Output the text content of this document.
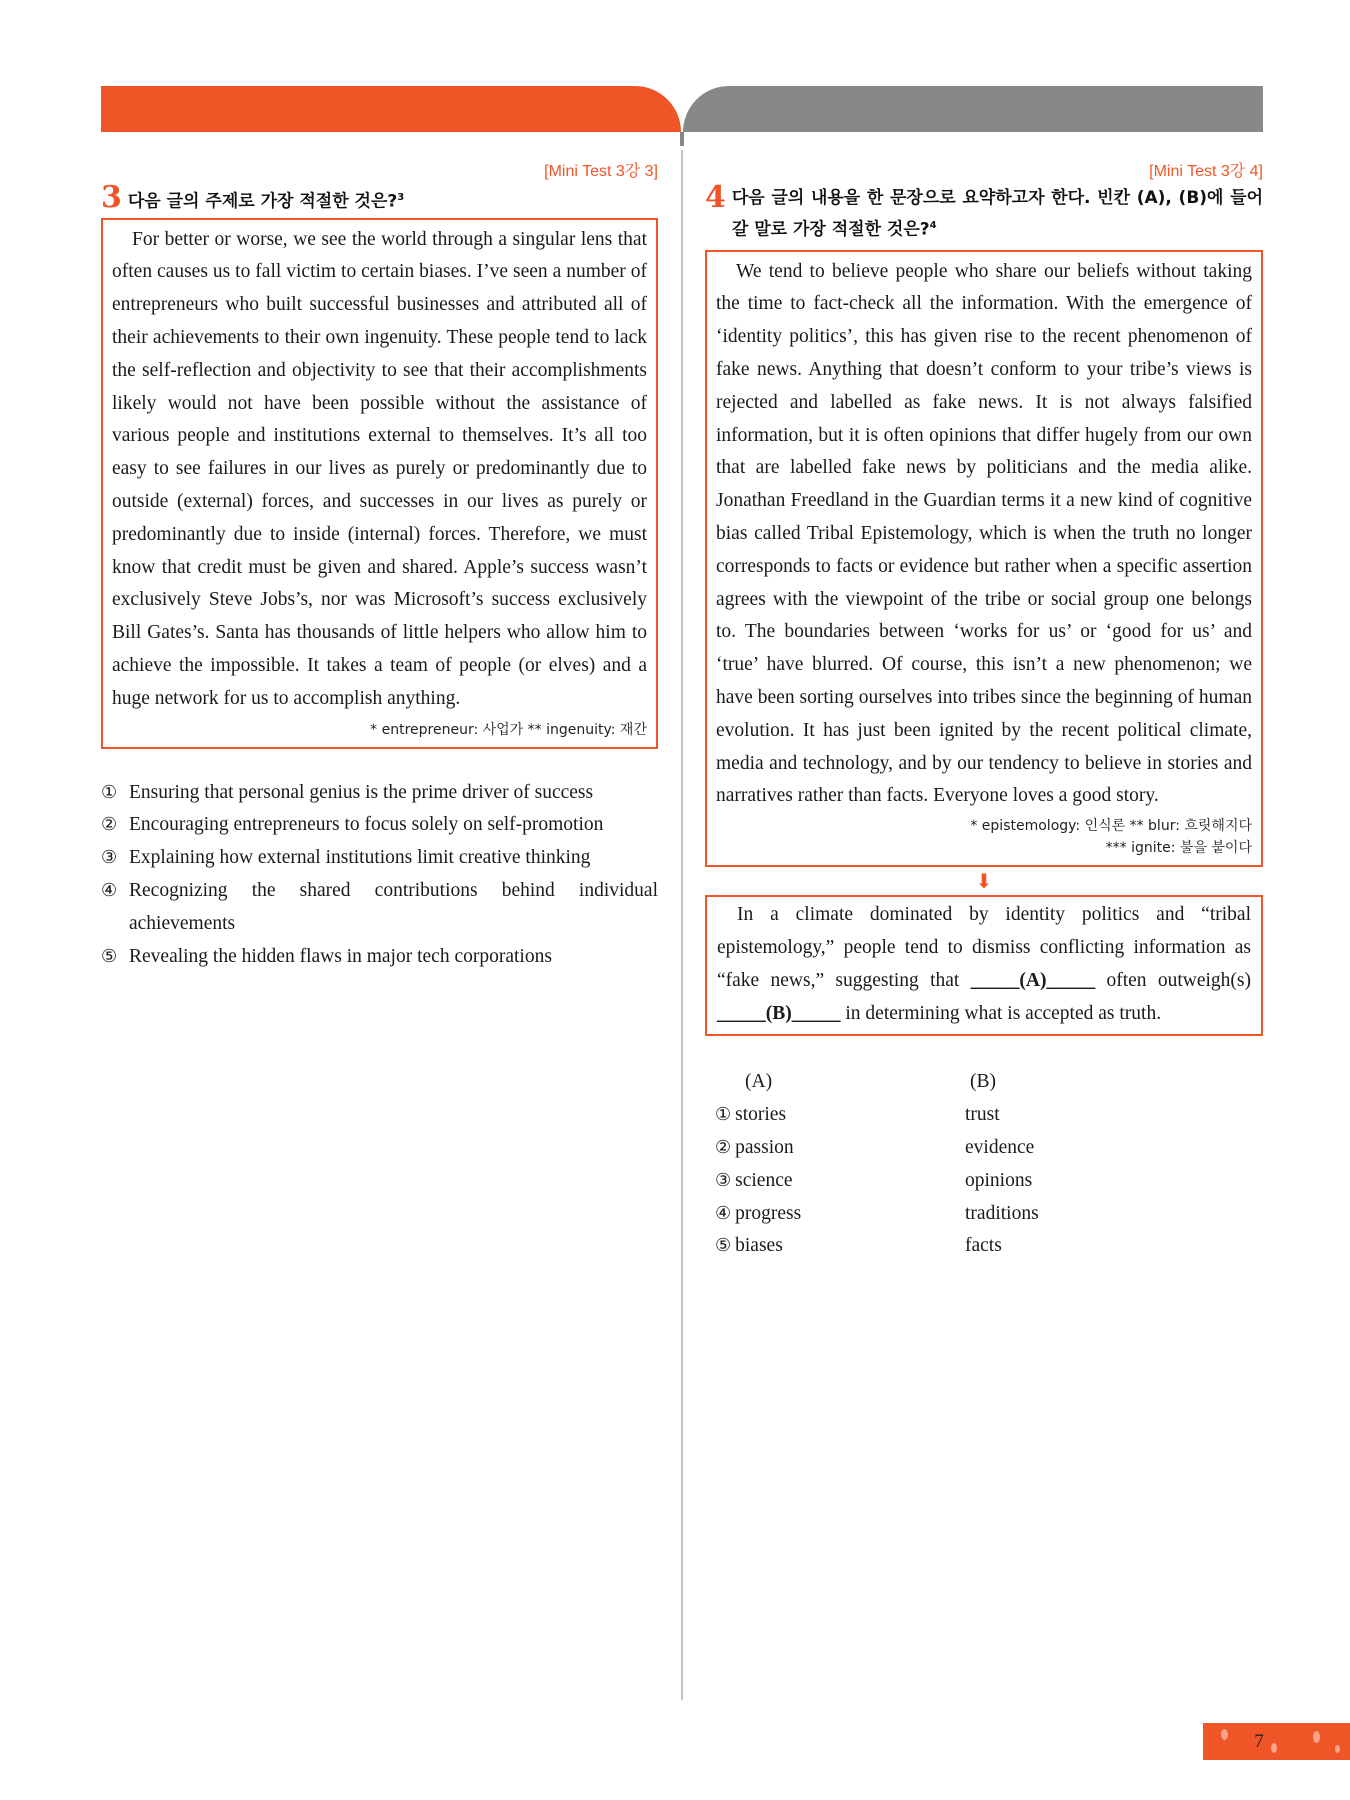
[Mini Test 3강 3]
3 다음 글의 주제로 가장 적절한 것은?$^3$

For better or worse, we see the world through a singular lens that often causes us to fall victim to certain biases. I’ve seen a number of entrepreneurs who built successful businesses and attributed all of their achievements to their own ingenuity. These people tend to lack the self-reflection and objectivity to see that their accomplishments likely would not have been possible without the assistance of various people and institutions external to themselves. It’s all too easy to see failures in our lives as purely or predominantly due to outside (external) forces, and successes in our lives as purely or predominantly due to inside (internal) forces. Therefore, we must know that credit must be given and shared. Apple’s success wasn’t exclusively Steve Jobs’s, nor was Microsoft’s success exclusively Bill Gates’s. Santa has thousands of little helpers who allow him to achieve the impossible. It takes a team of people (or elves) and a huge network for us to accomplish anything.

* entrepreneur: 사업가 ** ingenuity: 재간
① Ensuring that personal genius is the prime driver of success
② Encouraging entrepreneurs to focus solely on self-promotion
③ Explaining how external institutions limit creative thinking
④ Recognizing the shared contributions behind individual achievements
⑤ Revealing the hidden flaws in major tech corporations
[Mini Test 3강 4]
4 다음 글의 내용을 한 문장으로 요약하고자 한다. 빈칸 (A), (B)에 들어갈 말로 가장 적절한 것은?$^4$

We tend to believe people who share our beliefs without taking the time to fact-check all the information. With the emergence of ‘identity politics’, this has given rise to the recent phenomenon of fake news. Anything that doesn’t conform to your tribe’s views is rejected and labelled as fake news. It is not always falsified information, but it is often opinions that differ hugely from our own that are labelled fake news by politicians and the media alike. Jonathan Freedland in the Guardian terms it a new kind of cognitive bias called Tribal Epistemology, which is when the truth no longer corresponds to facts or evidence but rather when a specific assertion agrees with the viewpoint of the tribe or social group one belongs to. The boundaries between ‘works for us’ or ‘good for us’ and ‘true’ have blurred. Of course, this isn’t a new phenomenon; we have been sorting ourselves into tribes since the beginning of human evolution. It has just been ignited by the recent political climate, media and technology, and by our tendency to believe in stories and narratives rather than facts. Everyone loves a good story.

* epistemology: 인식론 ** blur: 흐릿해지다
*** ignite: 불을 붙이다
⬇

In a climate dominated by identity politics and “tribal epistemology,” people tend to dismiss conflicting information as “fake news,” suggesting that _____(A)_____ often outweigh(s) _____(B)_____ in determining what is accepted as truth.

(A)	(B)
① stories	trust
② passion	evidence
③ science	opinions
④ progress	traditions
⑤ biases	facts
7
